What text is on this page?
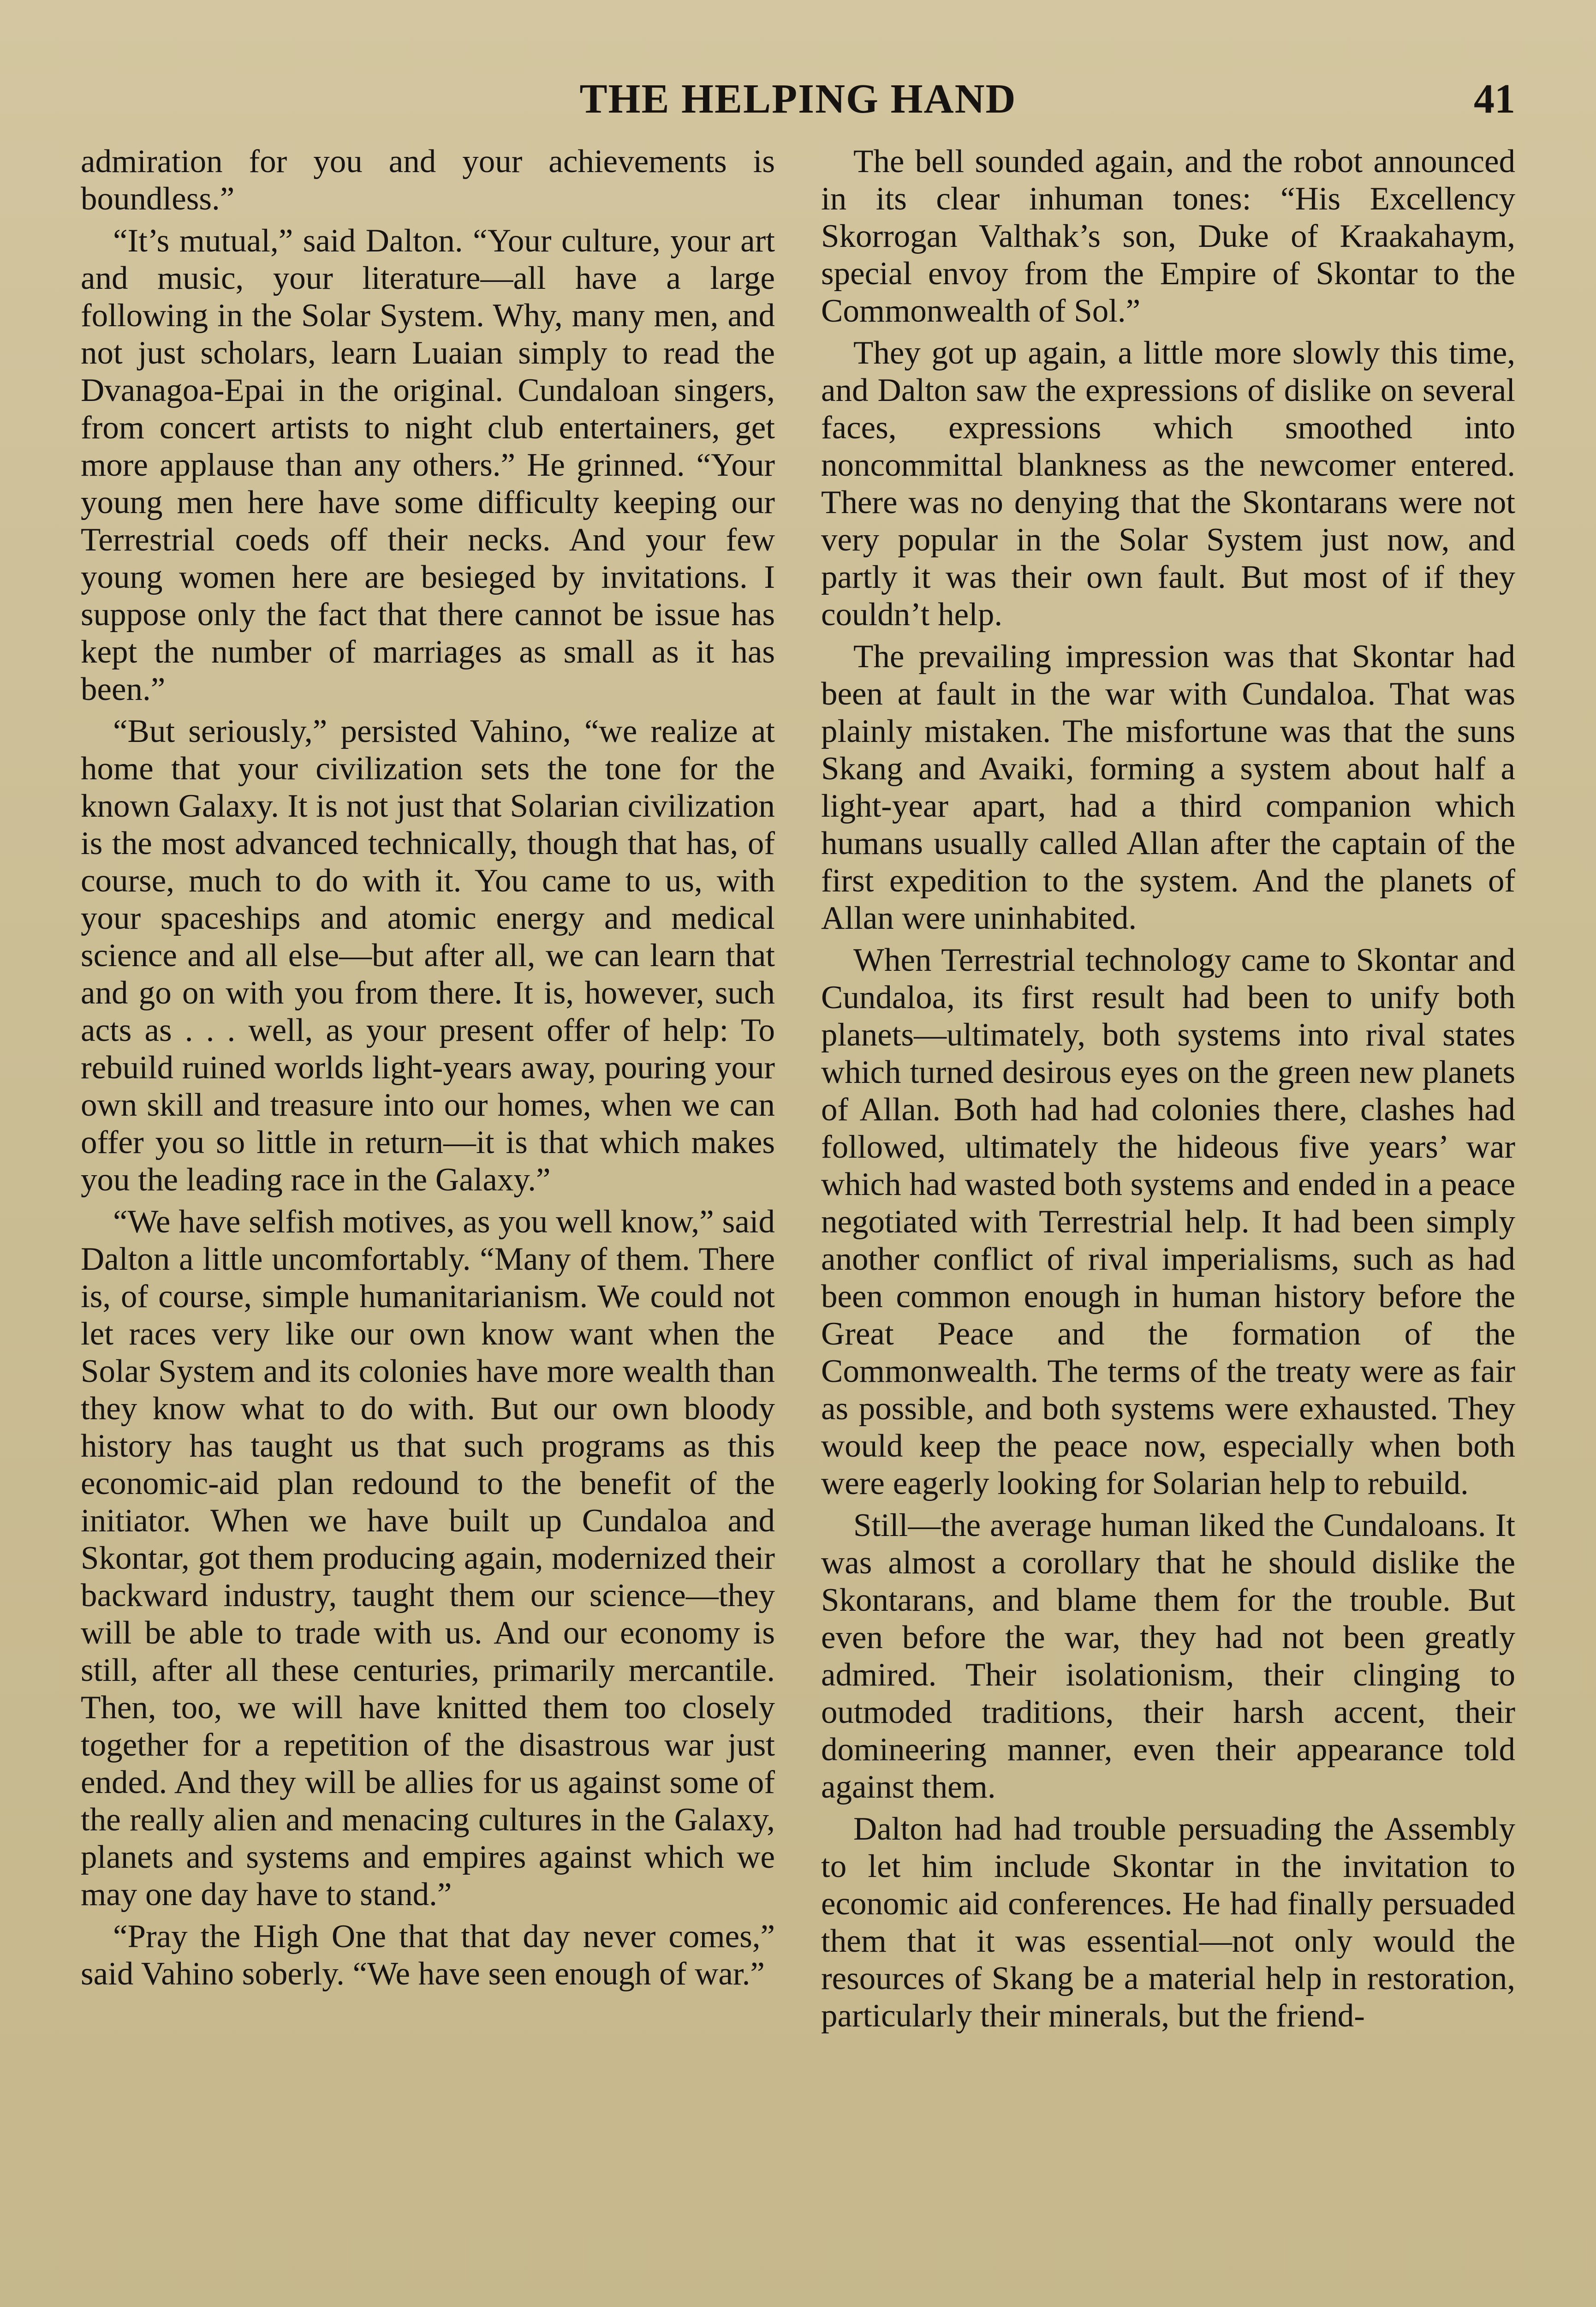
THE HELPING HAND	41

admiration for you and your achievements is boundless.”

“It’s mutual,” said Dalton. “Your culture, your art and music, your literature—all have a large following in the Solar System. Why, many men, and not just scholars, learn Luaian simply to read the Dvanagoa-Epai in the original. Cundaloan singers, from concert artists to night club entertainers, get more applause than any others.” He grinned. “Your young men here have some difficulty keeping our Terrestrial coeds off their necks. And your few young women here are besieged by invitations. I suppose only the fact that there cannot be issue has kept the number of marriages as small as it has been.”

“But seriously,” persisted Vahino, “we realize at home that your civilization sets the tone for the known Galaxy. It is not just that Solarian civilization is the most advanced technically, though that has, of course, much to do with it. You came to us, with your spaceships and atomic energy and medical science and all else—but after all, we can learn that and go on with you from there. It is, however, such acts as . . . well, as your present offer of help: To rebuild ruined worlds light-years away, pouring your own skill and treasure into our homes, when we can offer you so little in return—it is that which makes you the leading race in the Galaxy.”

“We have selfish motives, as you well know,” said Dalton a little uncomfortably. “Many of them. There is, of course, simple humanitarianism. We could not let races very like our own know want when the Solar System and its colonies have more wealth than they know what to do with. But our own bloody history has taught us that such programs as this economic-aid plan redound to the benefit of the initiator. When we have built up Cundaloa and Skontar, got them producing again, modernized their backward industry, taught them our science—they will be able to trade with us. And our economy is still, after all these centuries, primarily mercantile. Then, too, we will have knitted them too closely together for a repetition of the disastrous war just ended. And they will be allies for us against some of the really alien and menacing cultures in the Galaxy, planets and systems and empires against which we may one day have to stand.”

“Pray the High One that that day never comes,” said Vahino soberly. “We have seen enough of war.”

The bell sounded again, and the robot announced in its clear inhuman tones: “His Excellency Skorrogan Valthak’s son, Duke of Kraakahaym, special envoy from the Empire of Skontar to the Commonwealth of Sol.”

They got up again, a little more slowly this time, and Dalton saw the expressions of dislike on several faces, expressions which smoothed into noncommittal blankness as the newcomer entered. There was no denying that the Skontarans were not very popular in the Solar System just now, and partly it was their own fault. But most of if they couldn’t help.

The prevailing impression was that Skontar had been at fault in the war with Cundaloa. That was plainly mistaken. The misfortune was that the suns Skang and Avaiki, forming a system about half a light-year apart, had a third companion which humans usually called Allan after the captain of the first expedition to the system. And the planets of Allan were uninhabited.

When Terrestrial technology came to Skontar and Cundaloa, its first result had been to unify both planets—ultimately, both systems into rival states which turned desirous eyes on the green new planets of Allan. Both had had colonies there, clashes had followed, ultimately the hideous five years’ war which had wasted both systems and ended in a peace negotiated with Terrestrial help. It had been simply another conflict of rival imperialisms, such as had been common enough in human history before the Great Peace and the formation of the Commonwealth. The terms of the treaty were as fair as possible, and both systems were exhausted. They would keep the peace now, especially when both were eagerly looking for Solarian help to rebuild.

Still—the average human liked the Cundaloans. It was almost a corollary that he should dislike the Skontarans, and blame them for the trouble. But even before the war, they had not been greatly admired. Their isolationism, their clinging to outmoded traditions, their harsh accent, their domineering manner, even their appearance told against them.

Dalton had had trouble persuading the Assembly to let him include Skontar in the invitation to economic aid conferences. He had finally persuaded them that it was essential—not only would the resources of Skang be a material help in restoration, particularly their minerals, but the friend-
